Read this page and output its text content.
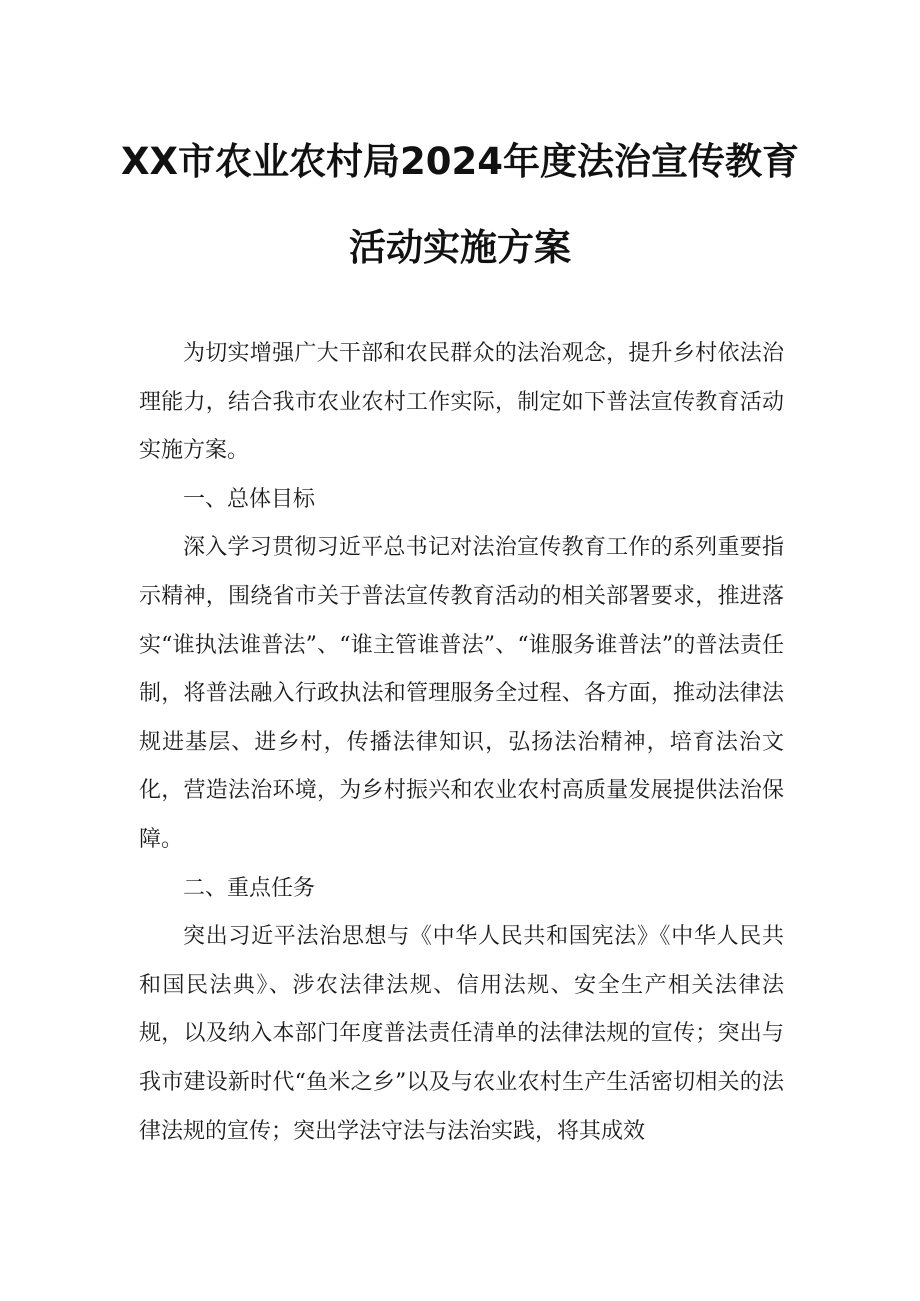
XX市农业农村局2024年度法治宣传教育
活动实施方案

为切实增强广大干部和农民群众的法治观念，提升乡村依法治理能力，结合我市农业农村工作实际，制定如下普法宣传教育活动实施方案。

一、总体目标

深入学习贯彻习近平总书记对法治宣传教育工作的系列重要指示精神，围绕省市关于普法宣传教育活动的相关部署要求，推进落实“谁执法谁普法”、“谁主管谁普法”、“谁服务谁普法”的普法责任制，将普法融入行政执法和管理服务全过程、各方面，推动法律法规进基层、进乡村，传播法律知识，弘扬法治精神，培育法治文化，营造法治环境，为乡村振兴和农业农村高质量发展提供法治保障。

二、重点任务

突出习近平法治思想与《中华人民共和国宪法》《中华人民共和国民法典》、涉农法律法规、信用法规、安全生产相关法律法规，以及纳入本部门年度普法责任清单的法律法规的宣传；突出与我市建设新时代“鱼米之乡”以及与农业农村生产生活密切相关的法律法规的宣传；突出学法守法与法治实践，将其成效
